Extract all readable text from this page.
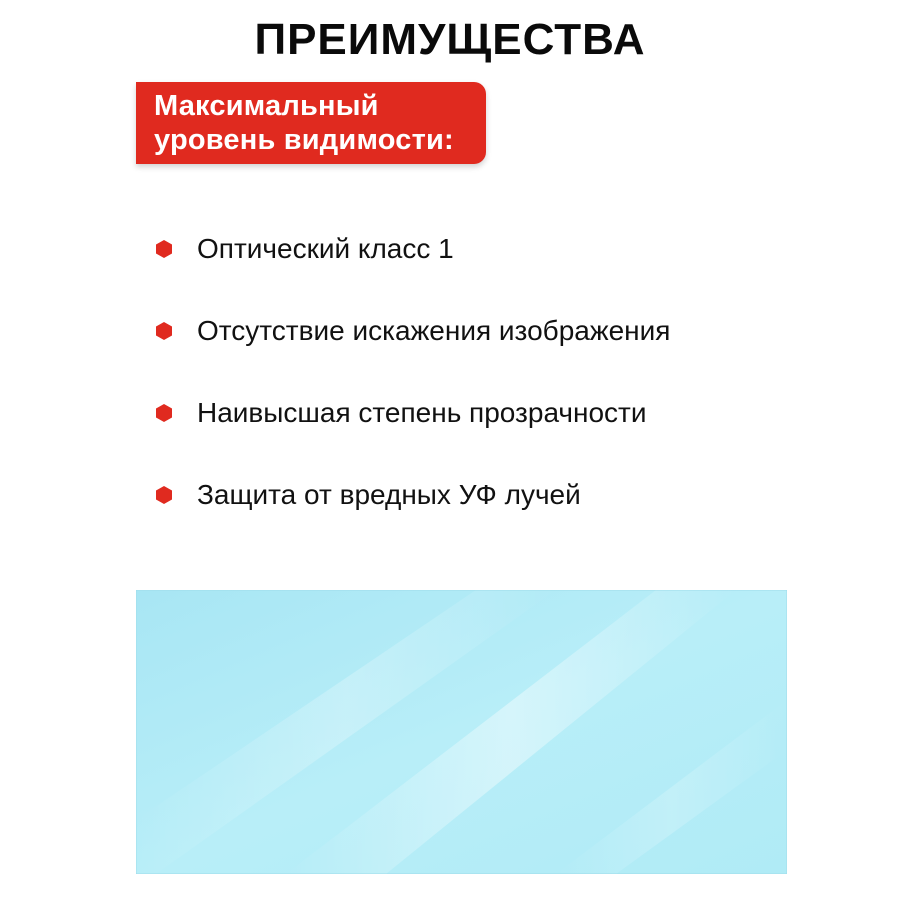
ПРЕИМУЩЕСТВА
Максимальный
уровень видимости:
Оптический класс 1
Отсутствие искажения изображения
Наивысшая степень прозрачности
Защита от вредных УФ лучей
